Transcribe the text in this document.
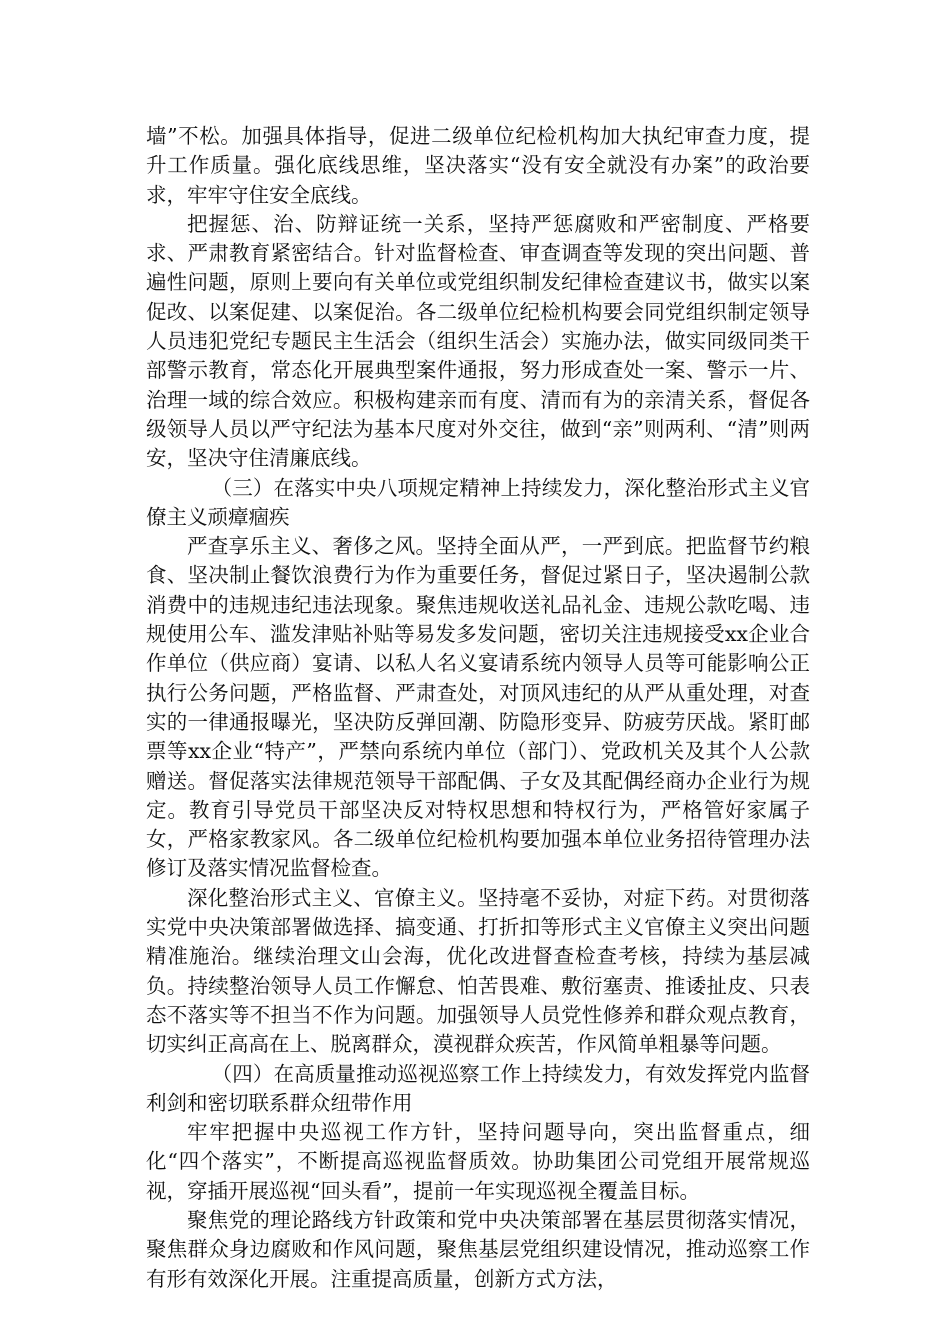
墙”不松。加强具体指导，促进二级单位纪检机构加大执纪审查力度，提升工作质量。强化底线思维，坚决落实“没有安全就没有办案”的政治要求，牢牢守住安全底线。

把握惩、治、防辩证统一关系，坚持严惩腐败和严密制度、严格要求、严肃教育紧密结合。针对监督检查、审查调查等发现的突出问题、普遍性问题，原则上要向有关单位或党组织制发纪律检查建议书，做实以案促改、以案促建、以案促治。各二级单位纪检机构要会同党组织制定领导人员违犯党纪专题民主生活会（组织生活会）实施办法，做实同级同类干部警示教育，常态化开展典型案件通报，努力形成查处一案、警示一片、治理一域的综合效应。积极构建亲而有度、清而有为的亲清关系，督促各级领导人员以严守纪法为基本尺度对外交往，做到“亲”则两利、“清”则两安，坚决守住清廉底线。

（三）在落实中央八项规定精神上持续发力，深化整治形式主义官僚主义顽瘴痼疾

严查享乐主义、奢侈之风。坚持全面从严，一严到底。把监督节约粮食、坚决制止餐饮浪费行为作为重要任务，督促过紧日子，坚决遏制公款消费中的违规违纪违法现象。聚焦违规收送礼品礼金、违规公款吃喝、违规使用公车、滥发津贴补贴等易发多发问题，密切关注违规接受xx企业合作单位（供应商）宴请、以私人名义宴请系统内领导人员等可能影响公正执行公务问题，严格监督、严肃查处，对顶风违纪的从严从重处理，对查实的一律通报曝光，坚决防反弹回潮、防隐形变异、防疲劳厌战。紧盯邮票等xx企业“特产”，严禁向系统内单位（部门）、党政机关及其个人公款赠送。督促落实法律规范领导干部配偶、子女及其配偶经商办企业行为规定。教育引导党员干部坚决反对特权思想和特权行为，严格管好家属子女，严格家教家风。各二级单位纪检机构要加强本单位业务招待管理办法修订及落实情况监督检查。

深化整治形式主义、官僚主义。坚持毫不妥协，对症下药。对贯彻落实党中央决策部署做选择、搞变通、打折扣等形式主义官僚主义突出问题精准施治。继续治理文山会海，优化改进督查检查考核，持续为基层减负。持续整治领导人员工作懈怠、怕苦畏难、敷衍塞责、推诿扯皮、只表态不落实等不担当不作为问题。加强领导人员党性修养和群众观点教育，切实纠正高高在上、脱离群众，漠视群众疾苦，作风简单粗暴等问题。

（四）在高质量推动巡视巡察工作上持续发力，有效发挥党内监督利剑和密切联系群众纽带作用

牢牢把握中央巡视工作方针，坚持问题导向，突出监督重点，细化“四个落实”，不断提高巡视监督质效。协助集团公司党组开展常规巡视，穿插开展巡视“回头看”，提前一年实现巡视全覆盖目标。

聚焦党的理论路线方针政策和党中央决策部署在基层贯彻落实情况，聚焦群众身边腐败和作风问题，聚焦基层党组织建设情况，推动巡察工作有形有效深化开展。注重提高质量，创新方式方法，
